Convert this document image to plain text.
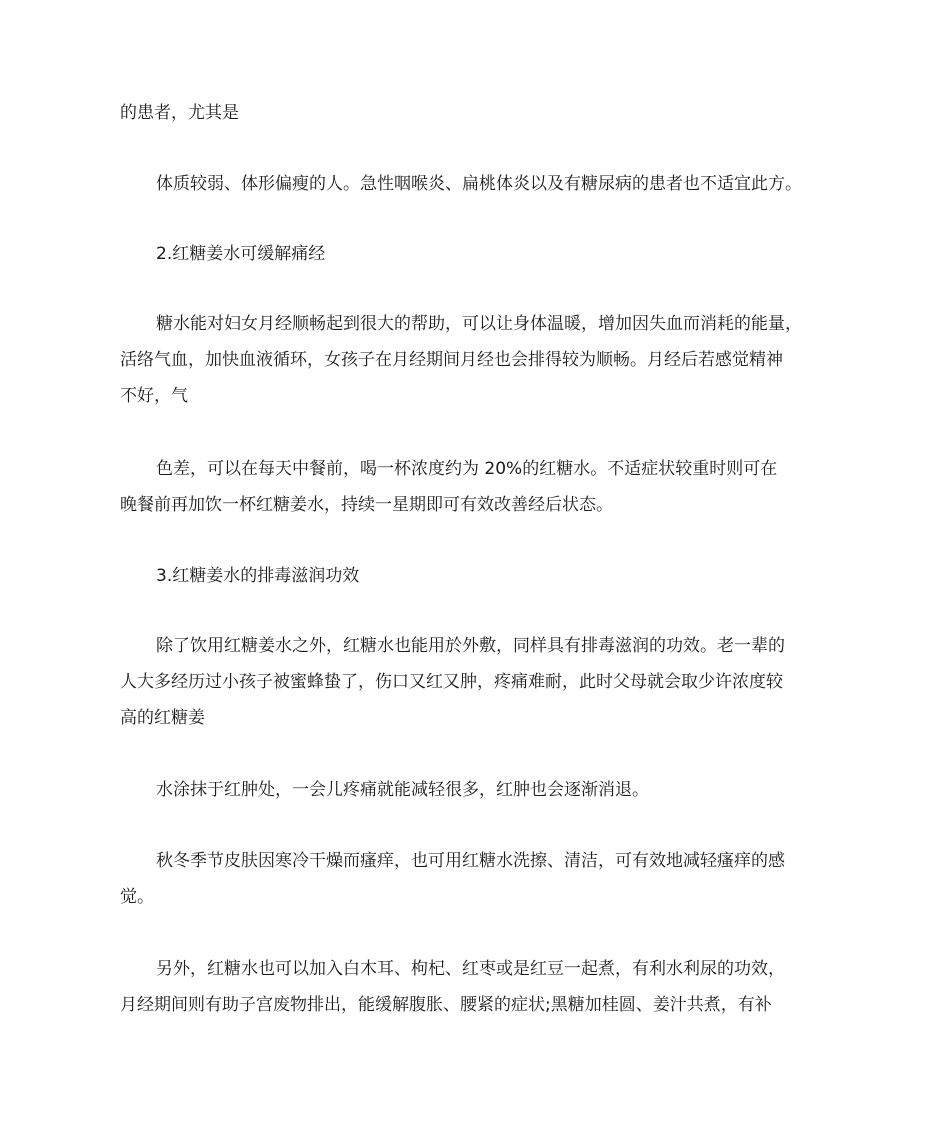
的患者，尤其是

体质较弱、体形偏瘦的人。急性咽喉炎、扁桃体炎以及有糖尿病的患者也不适宜此方。

2.红糖姜水可缓解痛经

糖水能对妇女月经顺畅起到很大的帮助，可以让身体温暖，增加因失血而消耗的能量，
活络气血，加快血液循环，女孩子在月经期间月经也会排得较为顺畅。月经后若感觉精神
不好，气

色差，可以在每天中餐前，喝一杯浓度约为 20%的红糖水。不适症状较重时则可在
晚餐前再加饮一杯红糖姜水，持续一星期即可有效改善经后状态。

3.红糖姜水的排毒滋润功效

除了饮用红糖姜水之外，红糖水也能用於外敷，同样具有排毒滋润的功效。老一辈的
人大多经历过小孩子被蜜蜂蛰了，伤口又红又肿，疼痛难耐，此时父母就会取少许浓度较
高的红糖姜

水涂抹于红肿处，一会儿疼痛就能减轻很多，红肿也会逐渐消退。

秋冬季节皮肤因寒冷干燥而瘙痒，也可用红糖水洗擦、清洁，可有效地减轻瘙痒的感
觉。

另外，红糖水也可以加入白木耳、枸杞、红枣或是红豆一起煮，有利水利尿的功效，
月经期间则有助子宫废物排出，能缓解腹胀、腰紧的症状;黑糖加桂圆、姜汁共煮，有补
